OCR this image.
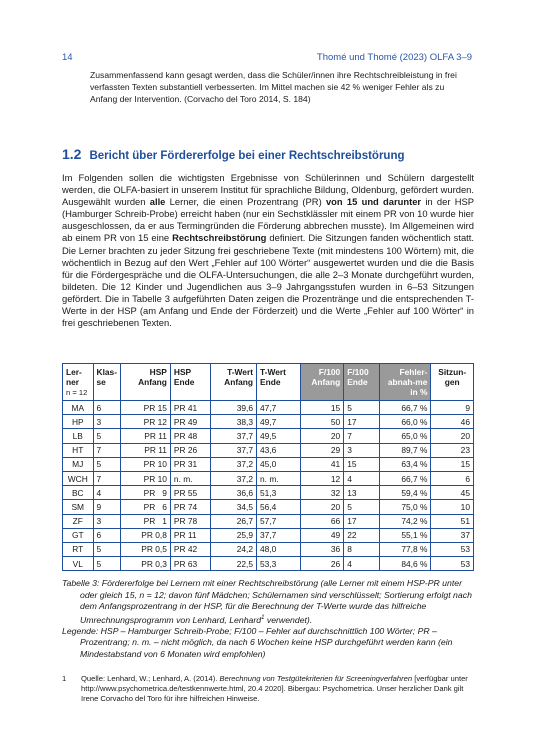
14	Thomé und Thomé (2023) OLFA 3–9
Zusammenfassend kann gesagt werden, dass die Schüler/innen ihre Rechtschreibleistung in frei verfassten Texten substantiell verbesserten. Im Mittel machen sie 42 % weniger Fehler als zu Anfang der Intervention. (Corvacho del Toro 2014, S. 184)
1.2 Bericht über Fördererfolge bei einer Rechtschreibstörung

Im Folgenden sollen die wichtigsten Ergebnisse von Schülerinnen und Schülern dargestellt werden, die OLFA-basiert in unserem Institut für sprachliche Bildung, Oldenburg, gefördert wurden. Ausgewählt wurden alle Lerner, die einen Prozentrang (PR) von 15 und darunter in der HSP (Hamburger Schreib-Probe) erreicht haben (nur ein Sechstklässler mit einem PR von 10 wurde hier ausgeschlossen, da er aus Termingründen die Förderung abbrechen musste). Im Allgemeinen wird ab einem PR von 15 eine Rechtschreibstörung definiert. Die Sitzungen fanden wöchentlich statt. Die Lerner brachten zu jeder Sitzung frei geschriebene Texte (mit mindestens 100 Wörtern) mit, die wöchentlich in Bezug auf den Wert „Fehler auf 100 Wörter“ ausgewertet wurden und die die Basis für die Fördergespräche und die OLFA-Untersuchungen, die alle 2–3 Monate durchgeführt wurden, bildeten. Die 12 Kinder und Jugendlichen aus 3–9 Jahrgangsstufen wurden in 6–53 Sitzungen gefördert. Die in Tabelle 3 aufgeführten Daten zeigen die Prozentränge und die entsprechenden T-Werte in der HSP (am Anfang und Ende der Förderzeit) und die Werte „Fehler auf 100 Wörter“ in frei geschriebenen Texten.

Ler-ner
n = 12	Klas-se	HSP Anfang	HSP Ende	T-Wert Anfang	T-Wert Ende	F/100 Anfang	F/100 Ende	Fehler-abnah-me in %	Sitzun-gen
MA	6	PR 15	PR 41	39,6	47,7	15	5	66,7 %	9
HP	3	PR 12	PR 49	38,3	49,7	50	17	66,0 %	46
LB	5	PR 11	PR 48	37,7	49,5	20	7	65,0 %	20
HT	7	PR 11	PR 26	37,7	43,6	29	3	89,7 %	23
MJ	5	PR 10	PR 31	37,2	45,0	41	15	63,4 %	15
WCH	7	PR 10	n. m.	37,2	n. m.	12	4	66,7 %	6
BC	4	PR   9	PR 55	36,6	51,3	32	13	59,4 %	45
SM	9	PR   6	PR 74	34,5	56,4	20	5	75,0 %	10
ZF	3	PR   1	PR 78	26,7	57,7	66	17	74,2 %	51
GT	6	PR 0,8	PR 11	25,9	37,7	49	22	55,1 %	37
RT	5	PR 0,5	PR 42	24,2	48,0	36	8	77,8 %	53
VL	5	PR 0,3	PR 63	22,5	53,3	26	4	84,6 %	53

Tabelle 3: Fördererfolge bei Lernern mit einer Rechtschreibstörung (alle Lerner mit einem HSP-PR unter oder gleich 15, n = 12; davon fünf Mädchen; Schülernamen sind verschlüsselt; Sortierung erfolgt nach dem Anfangsprozentrang in der HSP, für die Berechnung der T-Werte wurde das hilfreiche Umrechnungsprogramm von Lenhard, Lenhard$^1$ verwendet).

Legende: HSP – Hamburger Schreib-Probe; F/100 – Fehler auf durchschnittlich 100 Wörter; PR – Prozentrang; n. m. – nicht möglich, da nach 6 Wochen keine HSP durchgeführt werden kann (ein Mindestabstand von 6 Monaten wird empfohlen)

1	Quelle: Lenhard, W.; Lenhard, A. (2014). Berechnung von Testgütekriterien für Screeningverfahren [verfügbar unter http://www.psychometrica.de/testkennwerte.html, 20.4 2020]. Bibergau: Psychometrica. Unser herzlicher Dank gilt Irene Corvacho del Toro für ihre hilfreichen Hinweise.
